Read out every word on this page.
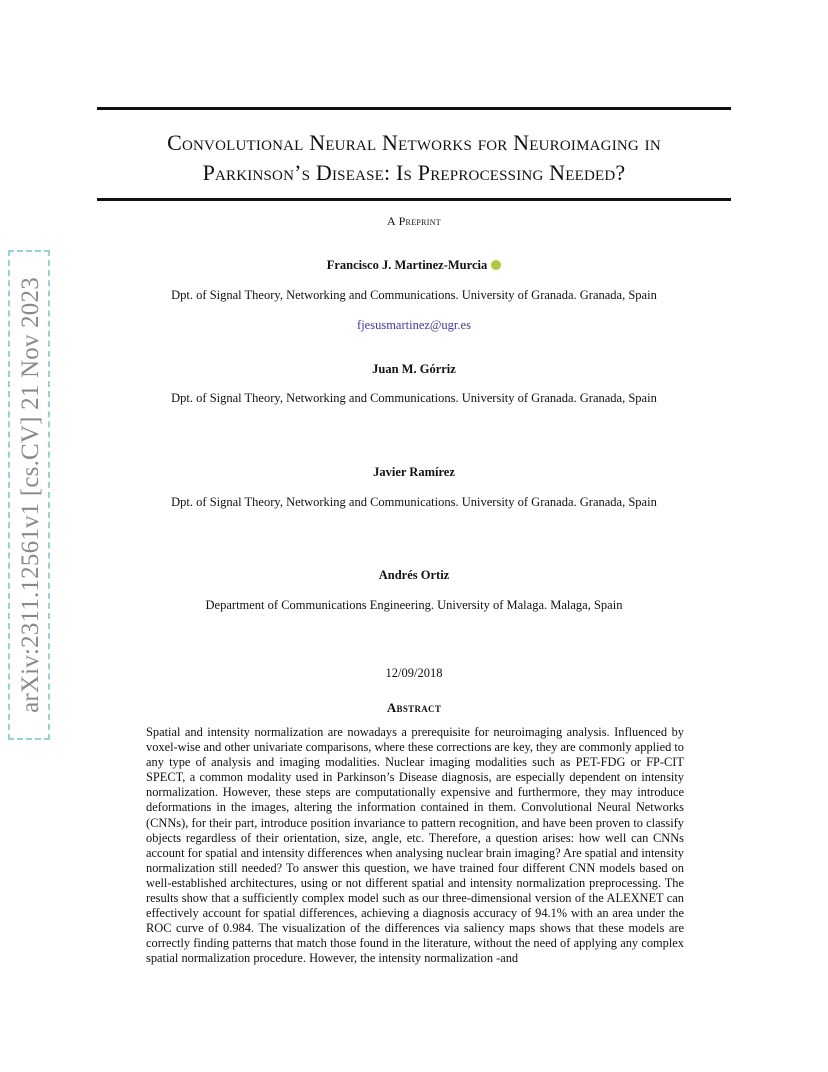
arXiv:2311.12561v1 [cs.CV] 21 Nov 2023
Convolutional Neural Networks for Neuroimaging in
Parkinson’s Disease: Is Preprocessing Needed?
A Preprint
Francisco J. Martinez-Murcia
Dpt. of Signal Theory, Networking and Communications. University of Granada. Granada, Spain
fjesusmartinez@ugr.es
Juan M. Górriz
Dpt. of Signal Theory, Networking and Communications. University of Granada. Granada, Spain
Javier Ramírez
Dpt. of Signal Theory, Networking and Communications. University of Granada. Granada, Spain
Andrés Ortiz
Department of Communications Engineering. University of Malaga. Malaga, Spain
12/09/2018
Abstract

Spatial and intensity normalization are nowadays a prerequisite for neuroimaging analysis. Influenced by voxel-wise and other univariate comparisons, where these corrections are key, they are commonly applied to any type of analysis and imaging modalities. Nuclear imaging modalities such as PET-FDG or FP-CIT SPECT, a common modality used in Parkinson’s Disease diagnosis, are especially dependent on intensity normalization. However, these steps are computationally expensive and furthermore, they may introduce deformations in the images, altering the information contained in them. Convolutional Neural Networks (CNNs), for their part, introduce position invariance to pattern recognition, and have been proven to classify objects regardless of their orientation, size, angle, etc. Therefore, a question arises: how well can CNNs account for spatial and intensity differences when analysing nuclear brain imaging? Are spatial and intensity normalization still needed? To answer this question, we have trained four different CNN models based on well-established architectures, using or not different spatial and intensity normalization preprocessing. The results show that a sufficiently complex model such as our three-dimensional version of the ALEXNET can effectively account for spatial differences, achieving a diagnosis accuracy of 94.1% with an area under the ROC curve of 0.984. The visualization of the differences via saliency maps shows that these models are correctly finding patterns that match those found in the literature, without the need of applying any complex spatial normalization procedure. However, the intensity normalization -and
